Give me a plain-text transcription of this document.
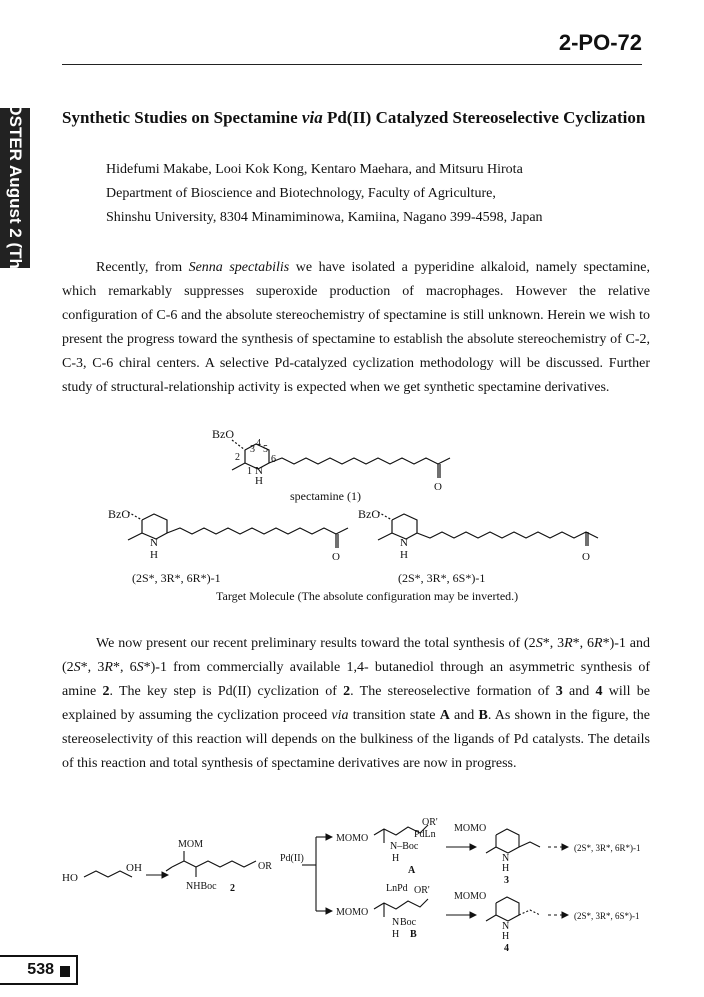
2-PO-72
POSTER August 2 (Thu) Synthetic Studies on Spectamine via Pd(II) Catalyzed Stereoselective Cyclization
Hidefumi Makabe, Looi Kok Kong, Kentaro Maehara, and Mitsuru Hirota
Department of Bioscience and Biotechnology, Faculty of Agriculture,
Shinshu University, 8304 Minamiminowa, Kamiina, Nagano 399-4598, Japan
Recently, from Senna spectabilis we have isolated a pyperidine alkaloid, namely spectamine, which remarkably suppresses superoxide production of macrophages. However the relative configuration of C-6 and the absolute stereochemistry of spectamine is still unknown. Herein we wish to present the progress toward the synthesis of spectamine to establish the absolute stereochemistry of C-2, C-3, C-6 chiral centers. A selective Pd-catalyzed cyclization methodology will be discussed. Further study of structural-relationship activity is expected when we get synthetic spectamine derivatives.
BzO
3
4
5
2	6
1 N
H	O
spectamine (1)
BzO
N
H	O
BzO
N
H	O
(2S*, 3R*, 6R*)-1	(2S*, 3R*, 6S*)-1
Target Molecule (The absolute configuration may be inverted.)
We now present our recent preliminary results toward the total synthesis of (2S*, 3R*, 6R*)-1 and (2S*, 3R*, 6S*)-1 from commercially available 1,4- butanediol through an asymmetric synthesis of amine 2. The key step is Pd(II) cyclization of 2. The stereoselective formation of 3 and 4 will be explained by assuming the cyclization proceed via transition state A and B. As shown in the figure, the stereoselectivity of this reaction will depends on the bulkiness of the ligands of Pd catalysts. The details of this reaction and total synthesis of spectamine derivatives are now in progress.
HO
OH
MOM
NHBoc 2
OR
Pd(II)
MOMO
OR'
PdLn
N–Boc
H
A
MOMO
LnPd OR'
N Boc
H B
MOMO
N
H
3
(2S*, 3R*, 6R*)-1
MOMO
N
H
4
(2S*, 3R*, 6S*)-1
538
